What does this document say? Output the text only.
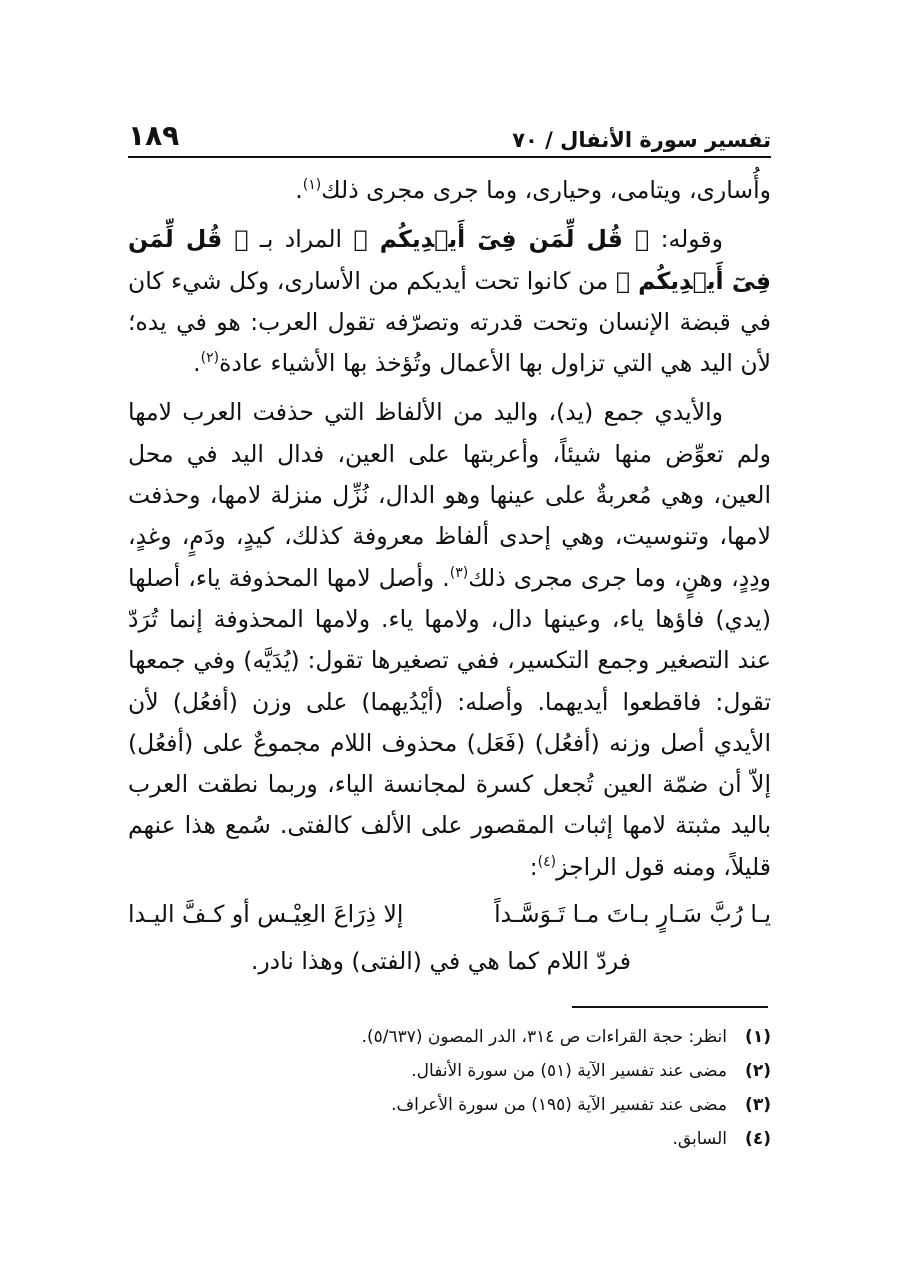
تفسير سورة الأنفال / ٧٠
١٨٩

وأُسارى، ويتامى، وحيارى، وما جرى مجرى ذلك$^{(١)}$.

وقوله: ﴿ قُل لِّمَن فِىٓ أَيۡدِيكُم ﴾ المراد بـ ﴿ قُل لِّمَن فِىٓ أَيۡدِيكُم ﴾ من كانوا تحت أيديكم من الأسارى، وكل شيء كان في قبضة الإنسان وتحت قدرته وتصرّفه تقول العرب: هو في يده؛ لأن اليد هي التي تزاول بها الأعمال وتُؤخذ بها الأشياء عادة$^{(٢)}$.

والأيدي جمع (يد)، واليد من الألفاظ التي حذفت العرب لامها ولم تعوِّض منها شيئاً، وأعربتها على العين، فدال اليد في محل العين، وهي مُعربةٌ على عينها وهو الدال، نُزِّل منزلة لامها، وحذفت لامها، وتنوسيت، وهي إحدى ألفاظ معروفة كذلك، كيدٍ، ودَمٍ، وغدٍ، ودِدٍ، وهنٍ، وما جرى مجرى ذلك$^{(٣)}$. وأصل لامها المحذوفة ياء، أصلها (يدي) فاؤها ياء، وعينها دال، ولامها ياء. ولامها المحذوفة إنما تُرَدّ عند التصغير وجمع التكسير، ففي تصغيرها تقول: (يُدَيَّه) وفي جمعها تقول: فاقطعوا أيديهما. وأصله: (أيْدُيهما) على وزن (أفعُل) لأن الأيدي أصل وزنه (أفعُل) (فَعَل) محذوف اللام مجموعٌ على (أفعُل) إلاّ أن ضمّة العين تُجعل كسرة لمجانسة الياء، وربما نطقت العرب باليد مثبتة لامها إثبات المقصور على الألف كالفتى. سُمع هذا عنهم قليلاً، ومنه قول الراجز$^{(٤)}$:

يـا رُبَّ سَـارٍ بـاتَ مـا تَـوَسَّـداً
إلا ذِرَاعَ العِيْـس أو كـفَّ اليـدا

فردّ اللام كما هي في (الفتى) وهذا نادر.

(١)
انظر: حجة القراءات ص ٣١٤، الدر المصون (٥/٦٣٧).
(٢)
مضى عند تفسير الآية (٥١) من سورة الأنفال.
(٣)
مضى عند تفسير الآية (١٩٥) من سورة الأعراف.
(٤)
السابق.
